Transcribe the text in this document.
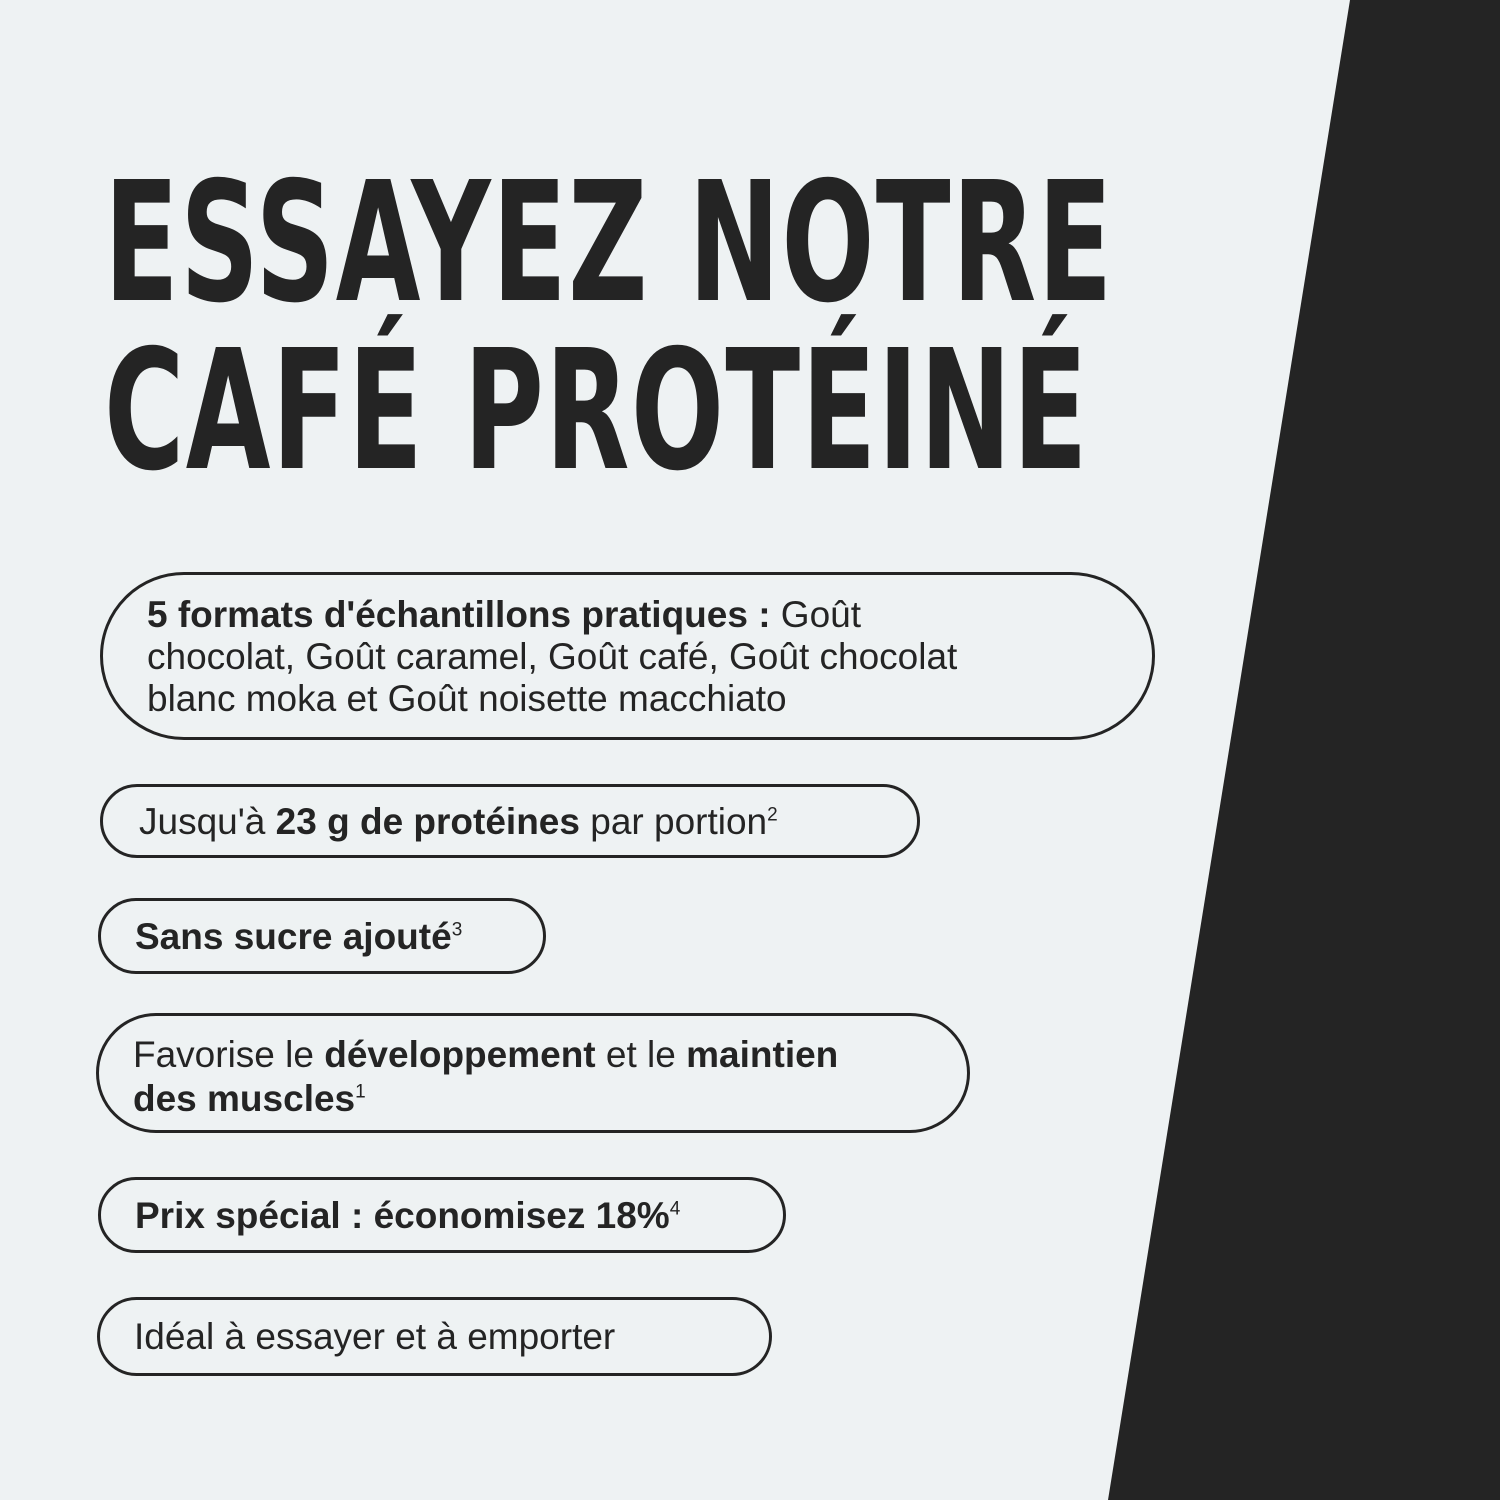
ESSAYEZ NOTRE
CAFÉ PROTÉINÉ
5 formats d'échantillons pratiques : Goût
chocolat, Goût caramel, Goût café, Goût chocolat
blanc moka et Goût noisette macchiato
Jusqu'à 23 g de protéines par portion$^2$
Sans sucre ajouté$^3$
Favorise le développement et le maintien
des muscles$^1$
Prix spécial : économisez 18%$^4$
Idéal à essayer et à emporter
